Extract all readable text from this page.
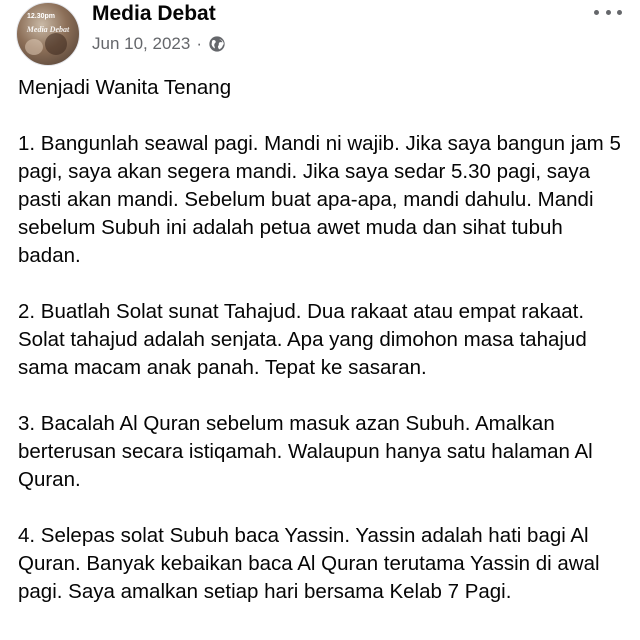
12.30pm
Media Debat
Media Debat
Jun 10, 2023 ·

Menjadi Wanita Tenang

1. Bangunlah seawal pagi. Mandi ni wajib. Jika saya bangun jam 5 pagi, saya akan segera mandi. Jika saya sedar 5.30 pagi, saya pasti akan mandi. Sebelum buat apa-apa, mandi dahulu. Mandi sebelum Subuh ini adalah petua awet muda dan sihat tubuh badan.

2. Buatlah Solat sunat Tahajud. Dua rakaat atau empat rakaat. Solat tahajud adalah senjata. Apa yang dimohon masa tahajud sama macam anak panah. Tepat ke sasaran.

3. Bacalah Al Quran sebelum masuk azan Subuh. Amalkan berterusan secara istiqamah. Walaupun hanya satu halaman Al Quran.

4. Selepas solat Subuh baca Yassin. Yassin adalah hati bagi Al Quran. Banyak kebaikan baca Al Quran terutama Yassin di awal pagi. Saya amalkan setiap hari bersama Kelab 7 Pagi.
